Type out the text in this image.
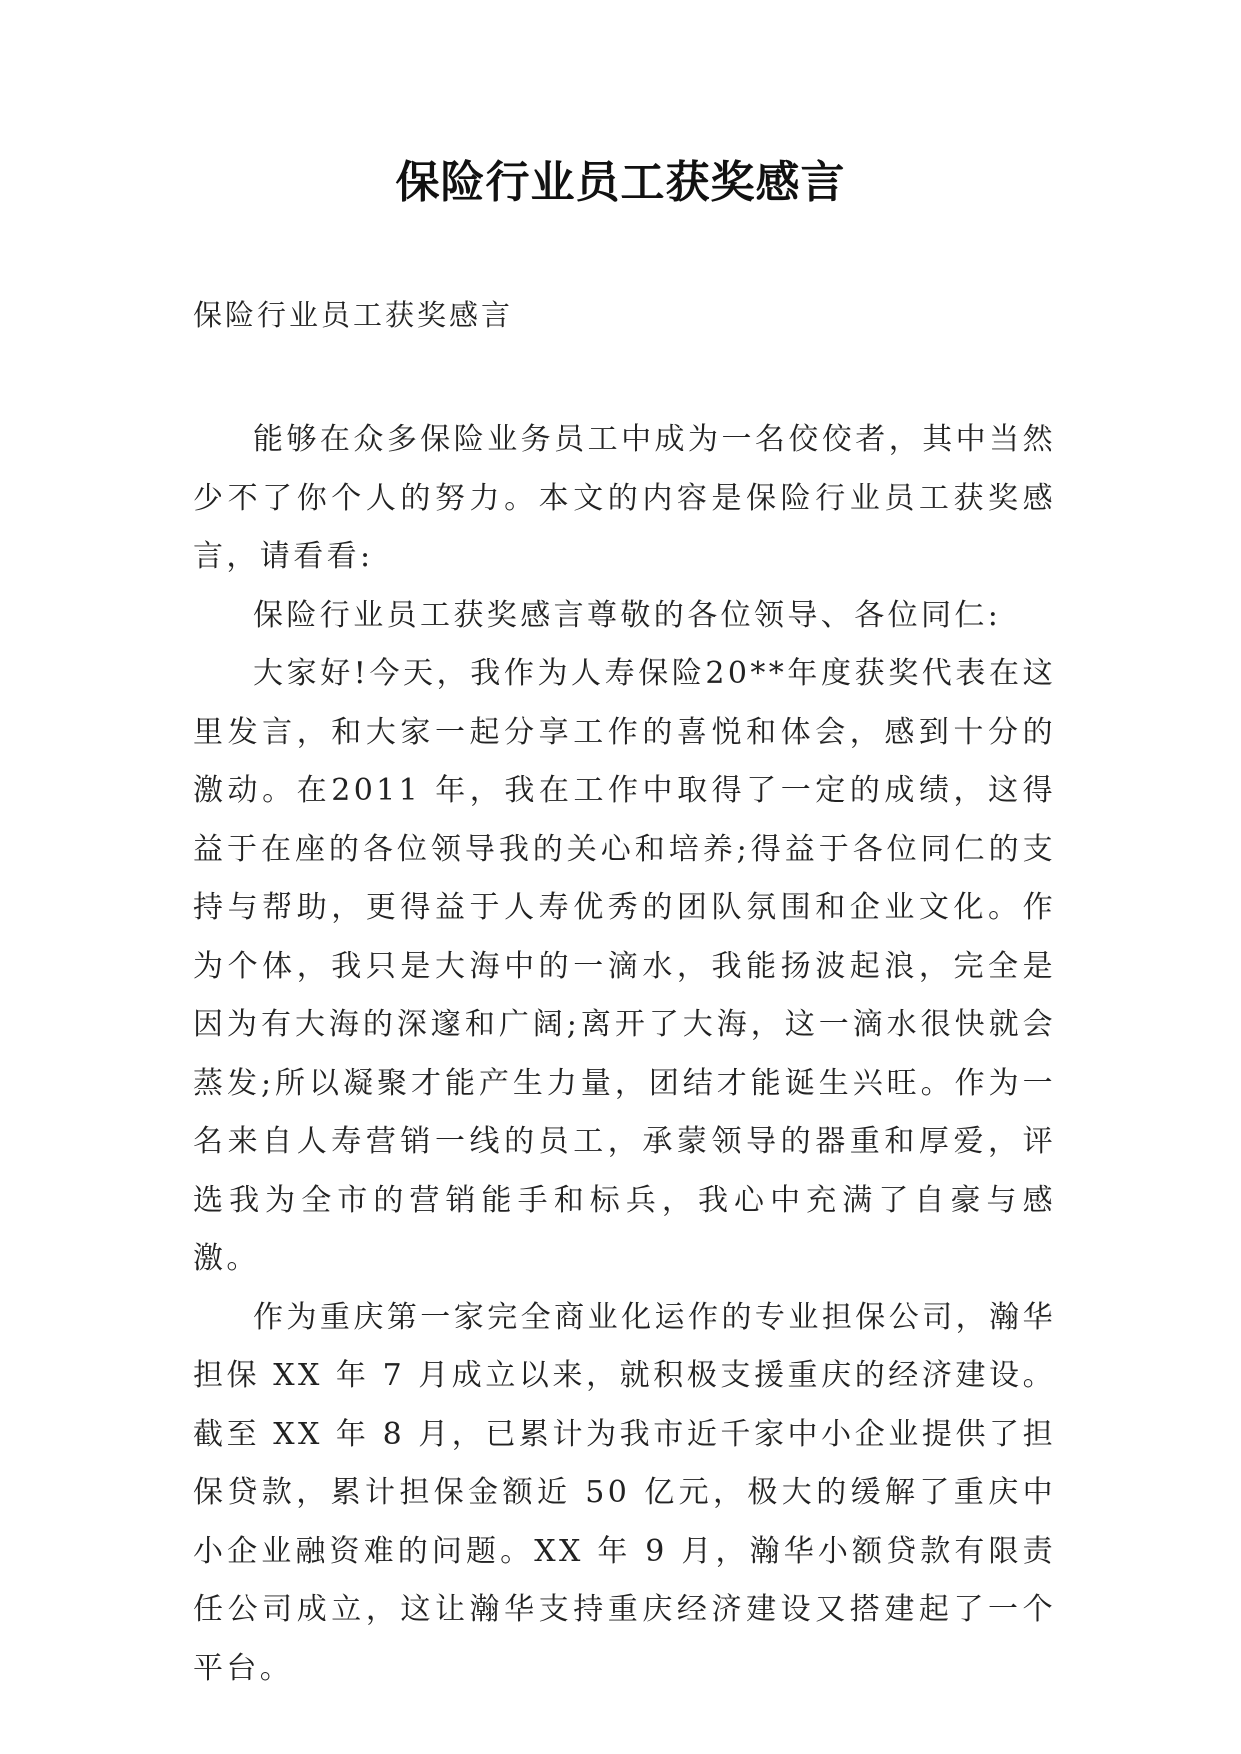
保险行业员工获奖感言
保险行业员工获奖感言

能够在众多保险业务员工中成为一名佼佼者，其中当然少不了你个人的努力。本文的内容是保险行业员工获奖感言，请看看:

保险行业员工获奖感言尊敬的各位领导、各位同仁:

大家好!今天，我作为人寿保险20**年度获奖代表在这里发言，和大家一起分享工作的喜悦和体会，感到十分的激动。在2011 年，我在工作中取得了一定的成绩，这得益于在座的各位领导我的关心和培养;得益于各位同仁的支持与帮助，更得益于人寿优秀的团队氛围和企业文化。作为个体，我只是大海中的一滴水，我能扬波起浪，完全是因为有大海的深邃和广阔;离开了大海，这一滴水很快就会蒸发;所以凝聚才能产生力量，团结才能诞生兴旺。作为一名来自人寿营销一线的员工，承蒙领导的器重和厚爱，评选我为全市的营销能手和标兵，我心中充满了自豪与感激。

作为重庆第一家完全商业化运作的专业担保公司，瀚华担保 XX 年 7 月成立以来，就积极支援重庆的经济建设。截至 XX 年 8 月，已累计为我市近千家中小企业提供了担保贷款，累计担保金额近 50 亿元，极大的缓解了重庆中小企业融资难的问题。XX 年 9 月，瀚华小额贷款有限责任公司成立，这让瀚华支持重庆经济建设又搭建起了一个平台。
